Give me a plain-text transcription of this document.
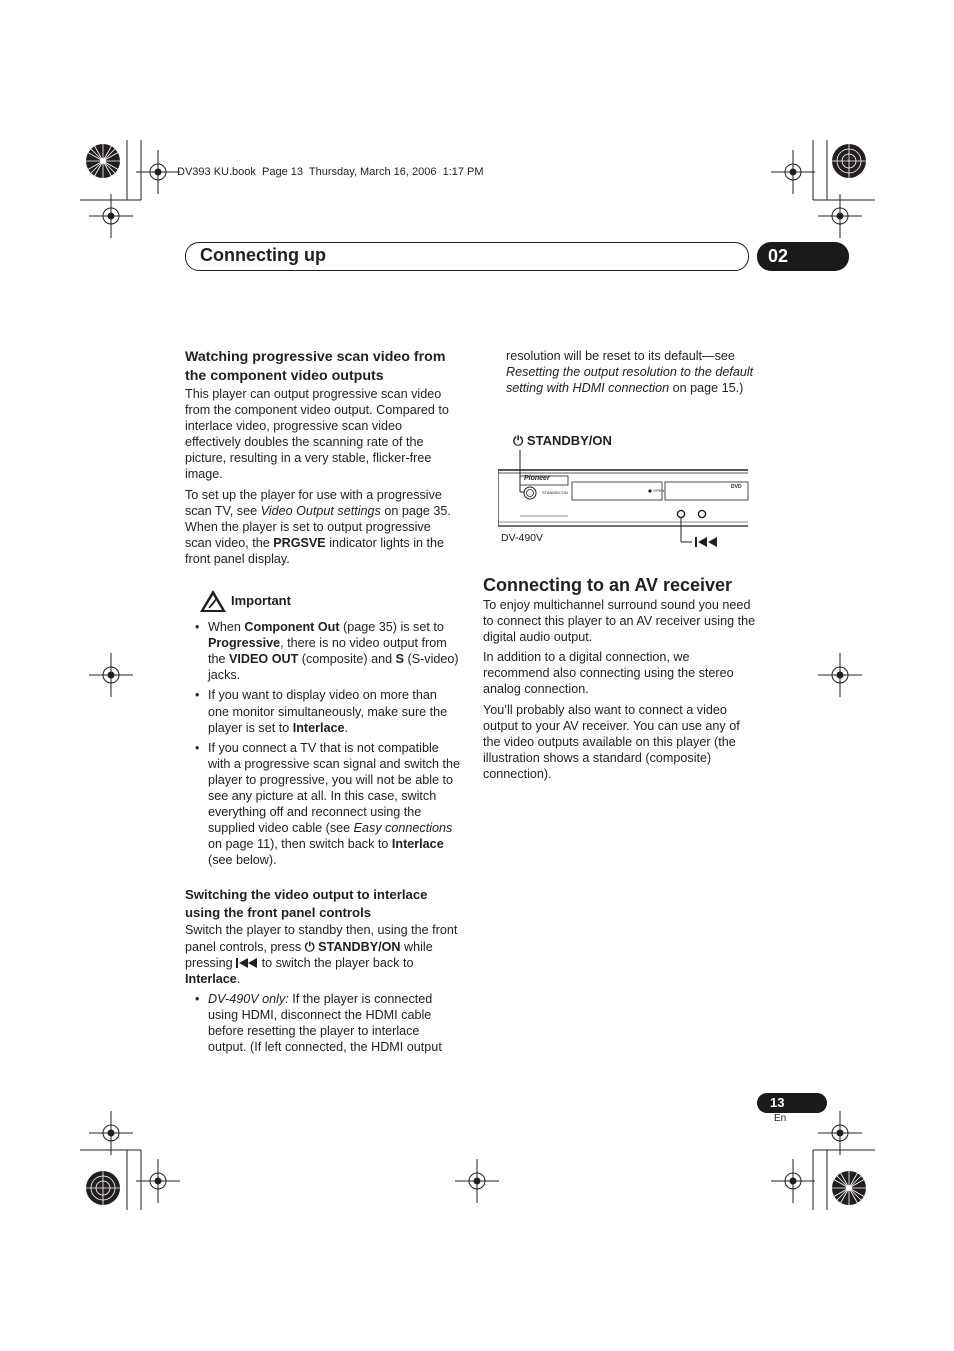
DV393 KU.book  Page 13  Thursday, March 16, 2006  1:17 PM
Connecting up	02

Watching progressive scan video from the component video outputs

This player can output progressive scan video from the component video output. Compared to interlace video, progressive scan video effectively doubles the scanning rate of the picture, resulting in a very stable, flicker-free image.

To set up the player for use with a progressive scan TV, see Video Output settings on page 35. When the player is set to output progressive scan video, the PRGSVE indicator lights in the front panel display.

Important

• When Component Out (page 35) is set to Progressive, there is no video output from the VIDEO OUT (composite) and S (S-video) jacks.

• If you want to display video on more than one monitor simultaneously, make sure the player is set to Interlace.

• If you connect a TV that is not compatible with a progressive scan signal and switch the player to progressive, you will not be able to see any picture at all. In this case, switch everything off and reconnect using the supplied video cable (see Easy connections on page 11), then switch back to Interlace (see below).

Switching the video output to interlace using the front panel controls

Switch the player to standby then, using the front panel controls, press ⏻ STANDBY/ON while pressing  to switch the player back to Interlace.

• DV-490V only: If the player is connected using HDMI, disconnect the HDMI cable before resetting the player to interlace output. (If left connected, the HDMI output

resolution will be reset to its default—see Resetting the output resolution to the default setting with HDMI connection on page 15.)

⏻ STANDBY/ON
Pioneer
STANDBY/ON	OPEN
DVD
DV-490V

Connecting to an AV receiver

To enjoy multichannel surround sound you need to connect this player to an AV receiver using the digital audio output.

In addition to a digital connection, we recommend also connecting using the stereo analog connection.

You’ll probably also want to connect a video output to your AV receiver. You can use any of the video outputs available on this player (the illustration shows a standard (composite) connection).

13
En
